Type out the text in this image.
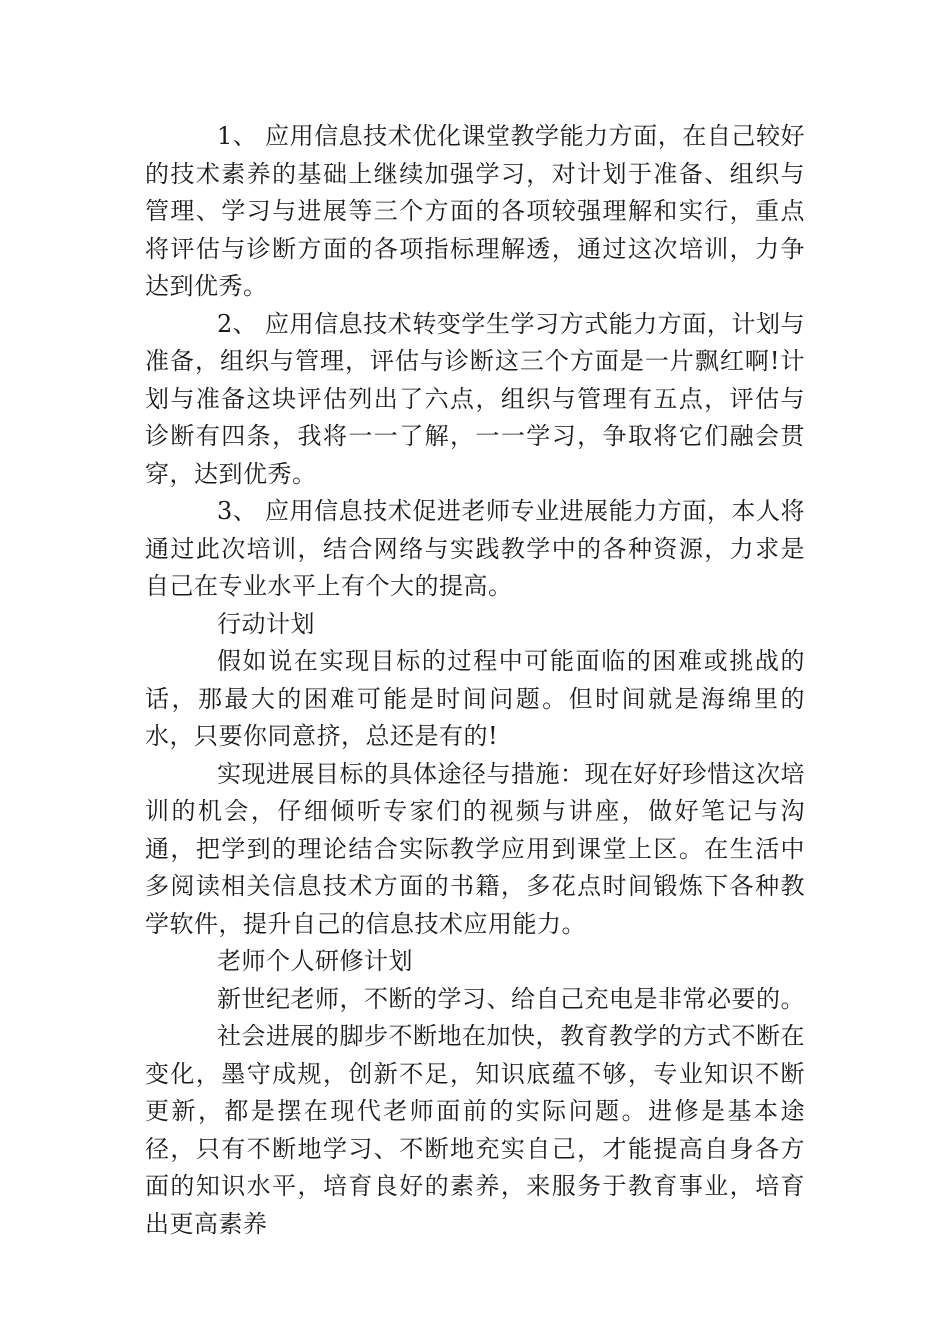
1、 应用信息技术优化课堂教学能力方面，在自己较好的技术素养的基础上继续加强学习，对计划于准备、组织与管理、学习与进展等三个方面的各项较强理解和实行，重点将评估与诊断方面的各项指标理解透，通过这次培训，力争达到优秀。

2、 应用信息技术转变学生学习方式能力方面，计划与准备，组织与管理，评估与诊断这三个方面是一片飘红啊!计划与准备这块评估列出了六点，组织与管理有五点，评估与诊断有四条，我将一一了解，一一学习，争取将它们融会贯穿，达到优秀。

3、 应用信息技术促进老师专业进展能力方面，本人将通过此次培训，结合网络与实践教学中的各种资源，力求是自己在专业水平上有个大的提高。

行动计划

假如说在实现目标的过程中可能面临的困难或挑战的话，那最大的困难可能是时间问题。但时间就是海绵里的水，只要你同意挤，总还是有的!

实现进展目标的具体途径与措施：现在好好珍惜这次培训的机会，仔细倾听专家们的视频与讲座，做好笔记与沟通，把学到的理论结合实际教学应用到课堂上区。在生活中多阅读相关信息技术方面的书籍，多花点时间锻炼下各种教学软件，提升自己的信息技术应用能力。

老师个人研修计划

新世纪老师，不断的学习、给自己充电是非常必要的。

社会进展的脚步不断地在加快，教育教学的方式不断在变化，墨守成规，创新不足，知识底蕴不够，专业知识不断更新，都是摆在现代老师面前的实际问题。进修是基本途径，只有不断地学习、不断地充实自己，才能提高自身各方面的知识水平，培育良好的素养，来服务于教育事业，培育出更高素养
